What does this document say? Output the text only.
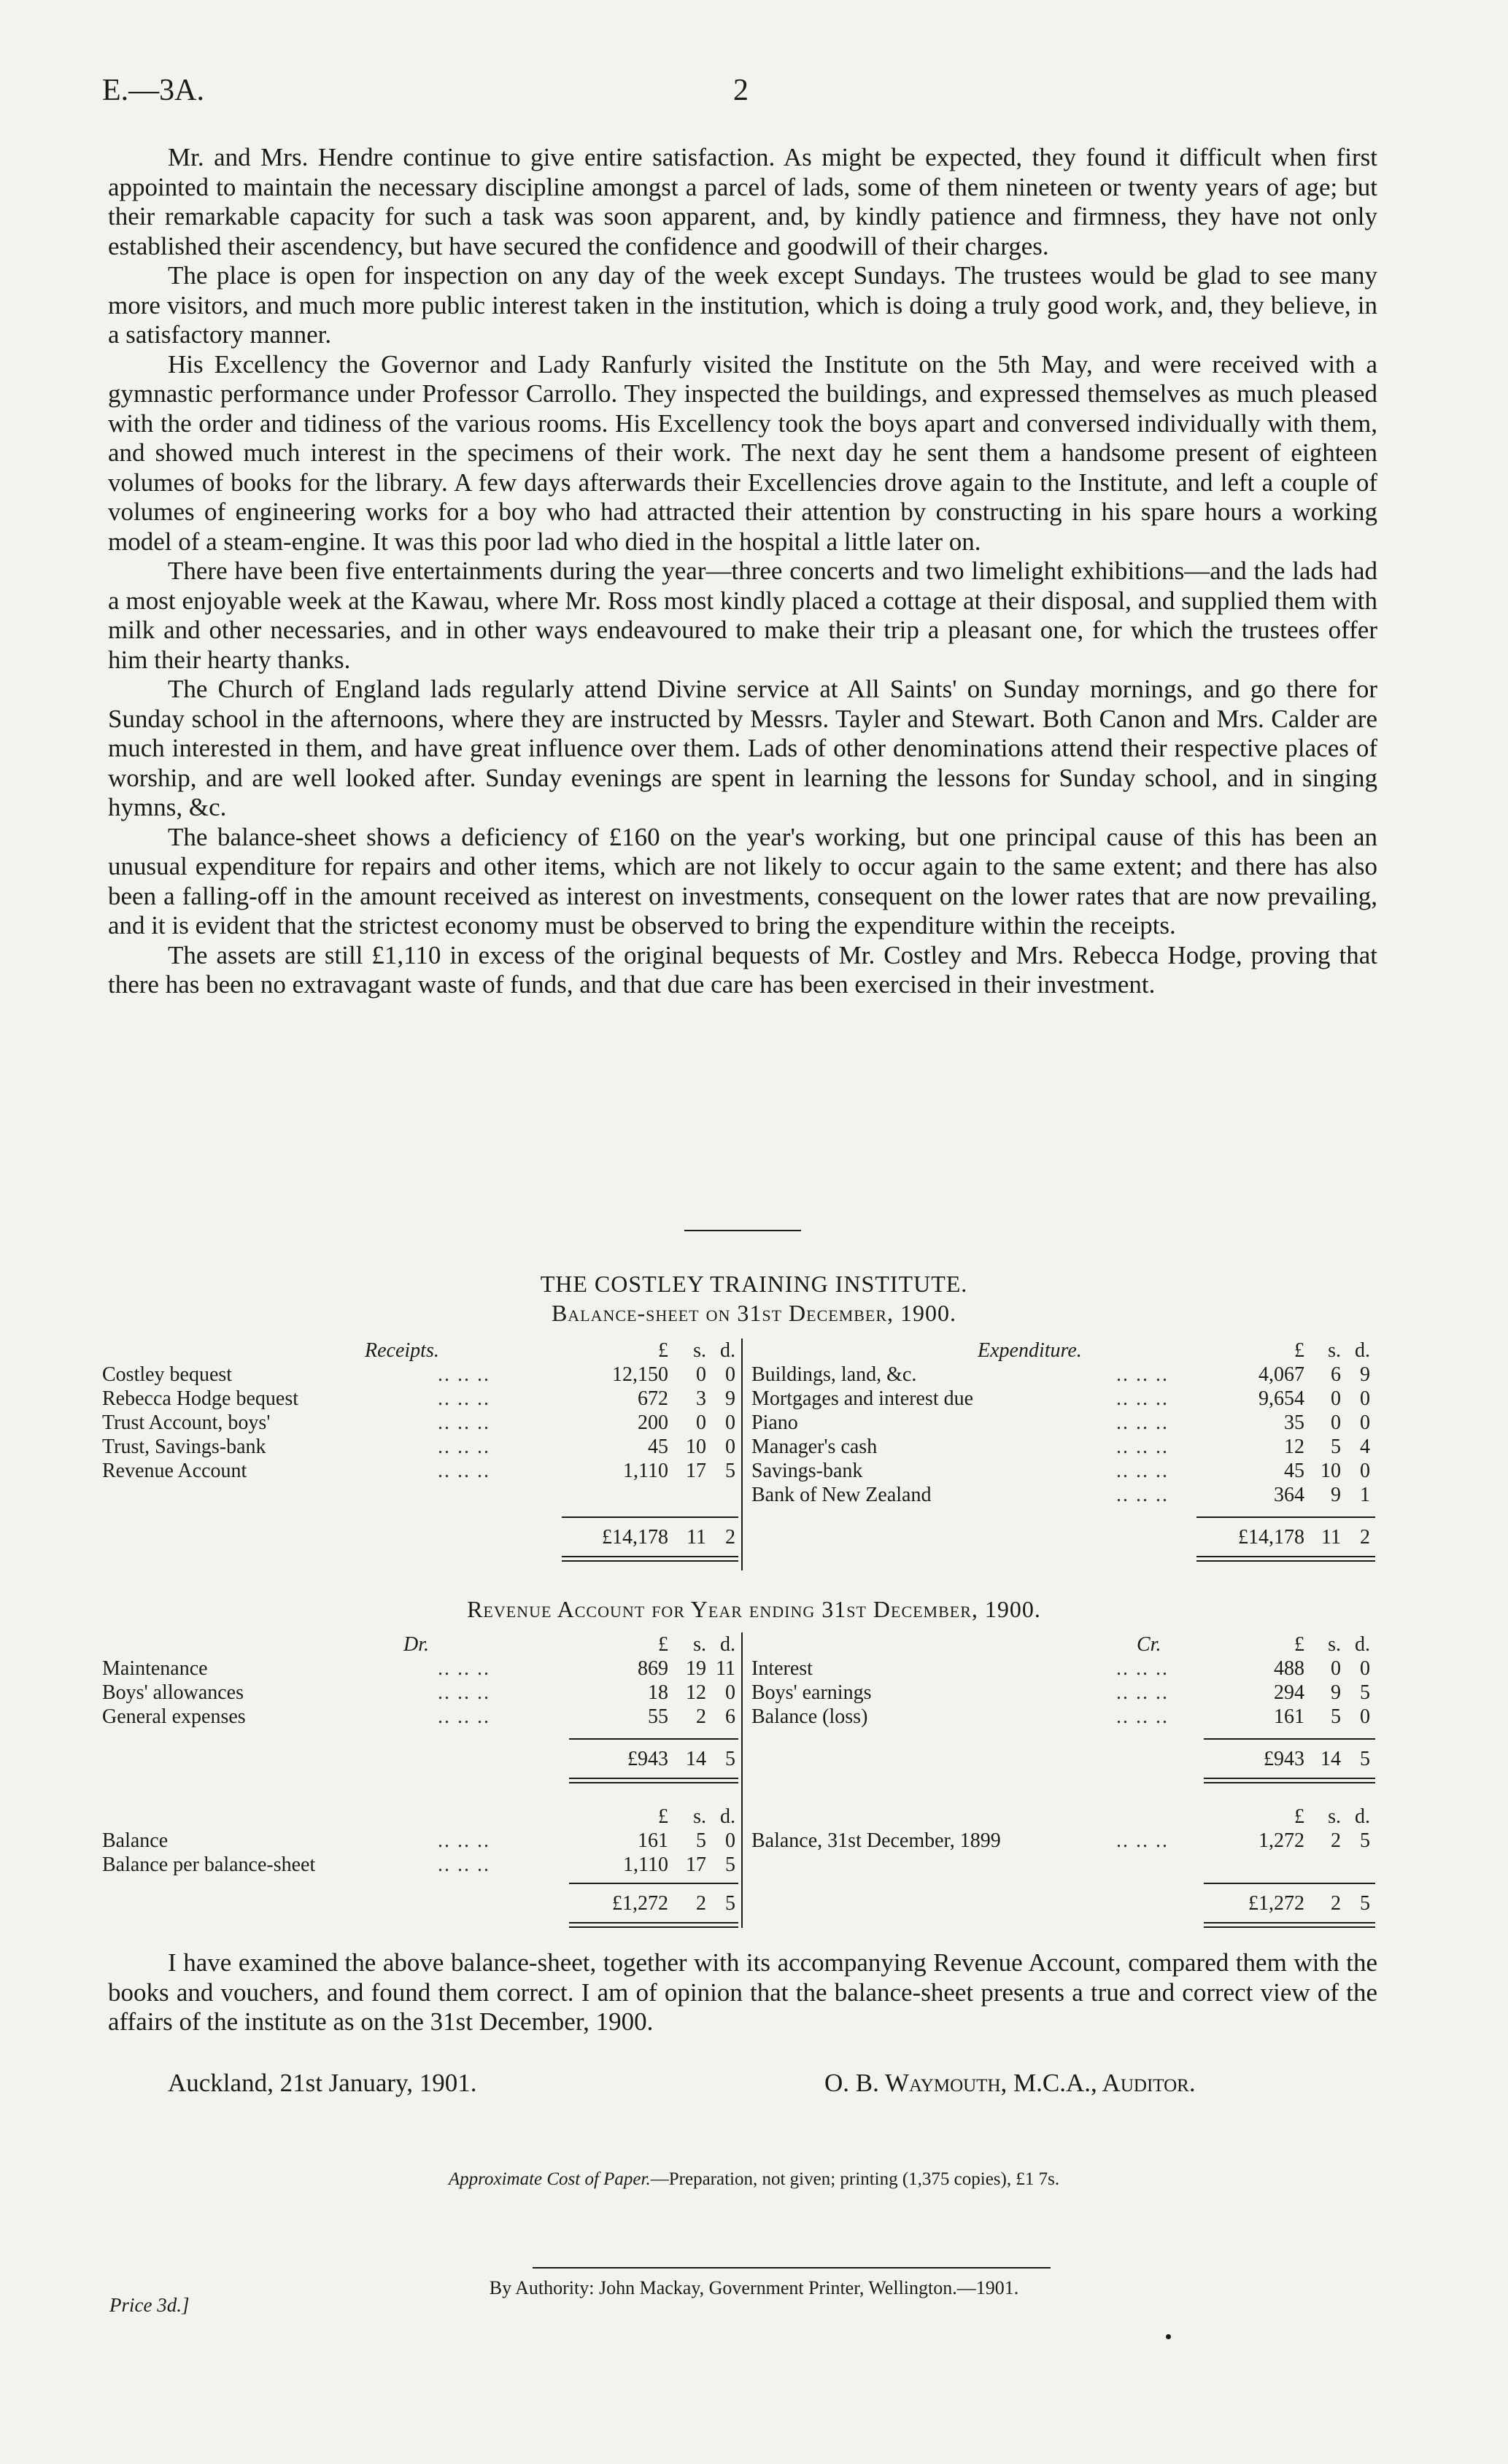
E.—3A.	2

Mr. and Mrs. Hendre continue to give entire satisfaction. As might be expected, they found it difficult when first appointed to maintain the necessary discipline amongst a parcel of lads, some of them nineteen or twenty years of age; but their remarkable capacity for such a task was soon apparent, and, by kindly patience and firmness, they have not only established their ascendency, but have secured the confidence and goodwill of their charges.

The place is open for inspection on any day of the week except Sundays. The trustees would be glad to see many more visitors, and much more public interest taken in the institution, which is doing a truly good work, and, they believe, in a satisfactory manner.

His Excellency the Governor and Lady Ranfurly visited the Institute on the 5th May, and were received with a gymnastic performance under Professor Carrollo. They inspected the buildings, and expressed themselves as much pleased with the order and tidiness of the various rooms. His Excellency took the boys apart and conversed individually with them, and showed much interest in the specimens of their work. The next day he sent them a handsome present of eighteen volumes of books for the library. A few days afterwards their Excellencies drove again to the Institute, and left a couple of volumes of engineering works for a boy who had attracted their attention by constructing in his spare hours a working model of a steam-engine. It was this poor lad who died in the hospital a little later on.

There have been five entertainments during the year—three concerts and two limelight exhibitions—and the lads had a most enjoyable week at the Kawau, where Mr. Ross most kindly placed a cottage at their disposal, and supplied them with milk and other necessaries, and in other ways endeavoured to make their trip a pleasant one, for which the trustees offer him their hearty thanks.

The Church of England lads regularly attend Divine service at All Saints' on Sunday mornings, and go there for Sunday school in the afternoons, where they are instructed by Messrs. Tayler and Stewart. Both Canon and Mrs. Calder are much interested in them, and have great influence over them. Lads of other denominations attend their respective places of worship, and are well looked after. Sunday evenings are spent in learning the lessons for Sunday school, and in singing hymns, &c.

The balance-sheet shows a deficiency of £160 on the year's working, but one principal cause of this has been an unusual expenditure for repairs and other items, which are not likely to occur again to the same extent; and there has also been a falling-off in the amount received as interest on investments, consequent on the lower rates that are now prevailing, and it is evident that the strictest economy must be observed to bring the expenditure within the receipts.

The assets are still £1,110 in excess of the original bequests of Mr. Costley and Mrs. Rebecca Hodge, proving that there has been no extravagant waste of funds, and that due care has been exercised in their investment.

THE COSTLEY TRAINING INSTITUTE.
Balance-sheet on 31st December, 1900.
Receipts.	£	s. d.
Costley bequest	.. .. ..	12,150	0 0
Rebecca Hodge bequest	.. .. ..	672	3 9
Trust Account, boys'	.. .. ..	200	0 0
Trust, Savings-bank	.. .. ..	45 10 0
Revenue Account	.. .. ..	1,110 17 5
£14,178 11 2
Expenditure.	£	s. d.
Buildings, land, &c.	.. .. ..	4,067	6 9
Mortgages and interest due	.. .. ..	9,654	0 0
Piano	.. .. ..	35	0 0
Manager's cash	.. .. ..	12	5 4
Savings-bank	.. .. ..	45 10 0
Bank of New Zealand	.. .. ..	364	9 1
£14,178 11 2
Revenue Account for Year ending 31st December, 1900.
Dr.	£	s. d.
Maintenance	.. .. ..	869 19 11
Boys' allowances	.. .. ..	18 12 0
General expenses	.. .. ..	55	2 6
£943 14 5
£	s. d.
Balance	.. .. ..	161	5 0
Balance per balance-sheet	.. .. ..	1,110 17 5
£1,272	2 5
Cr.	£	s. d.
Interest	.. .. ..	488	0 0
Boys' earnings	.. .. ..	294	9 5
Balance (loss)	.. .. ..	161	5 0
£943 14 5
£	s. d.
Balance, 31st December, 1899	.. .. ..	1,272	2 5
£1,272	2 5

I have examined the above balance-sheet, together with its accompanying Revenue Account, compared them with the books and vouchers, and found them correct. I am of opinion that the balance-sheet presents a true and correct view of the affairs of the institute as on the 31st December, 1900.

Auckland, 21st January, 1901.	O. B. Waymouth, M.C.A., Auditor.
Approximate Cost of Paper.—Preparation, not given; printing (1,375 copies), £1 7s.
By Authority: John Mackay, Government Printer, Wellington.—1901.
Price 3d.]
